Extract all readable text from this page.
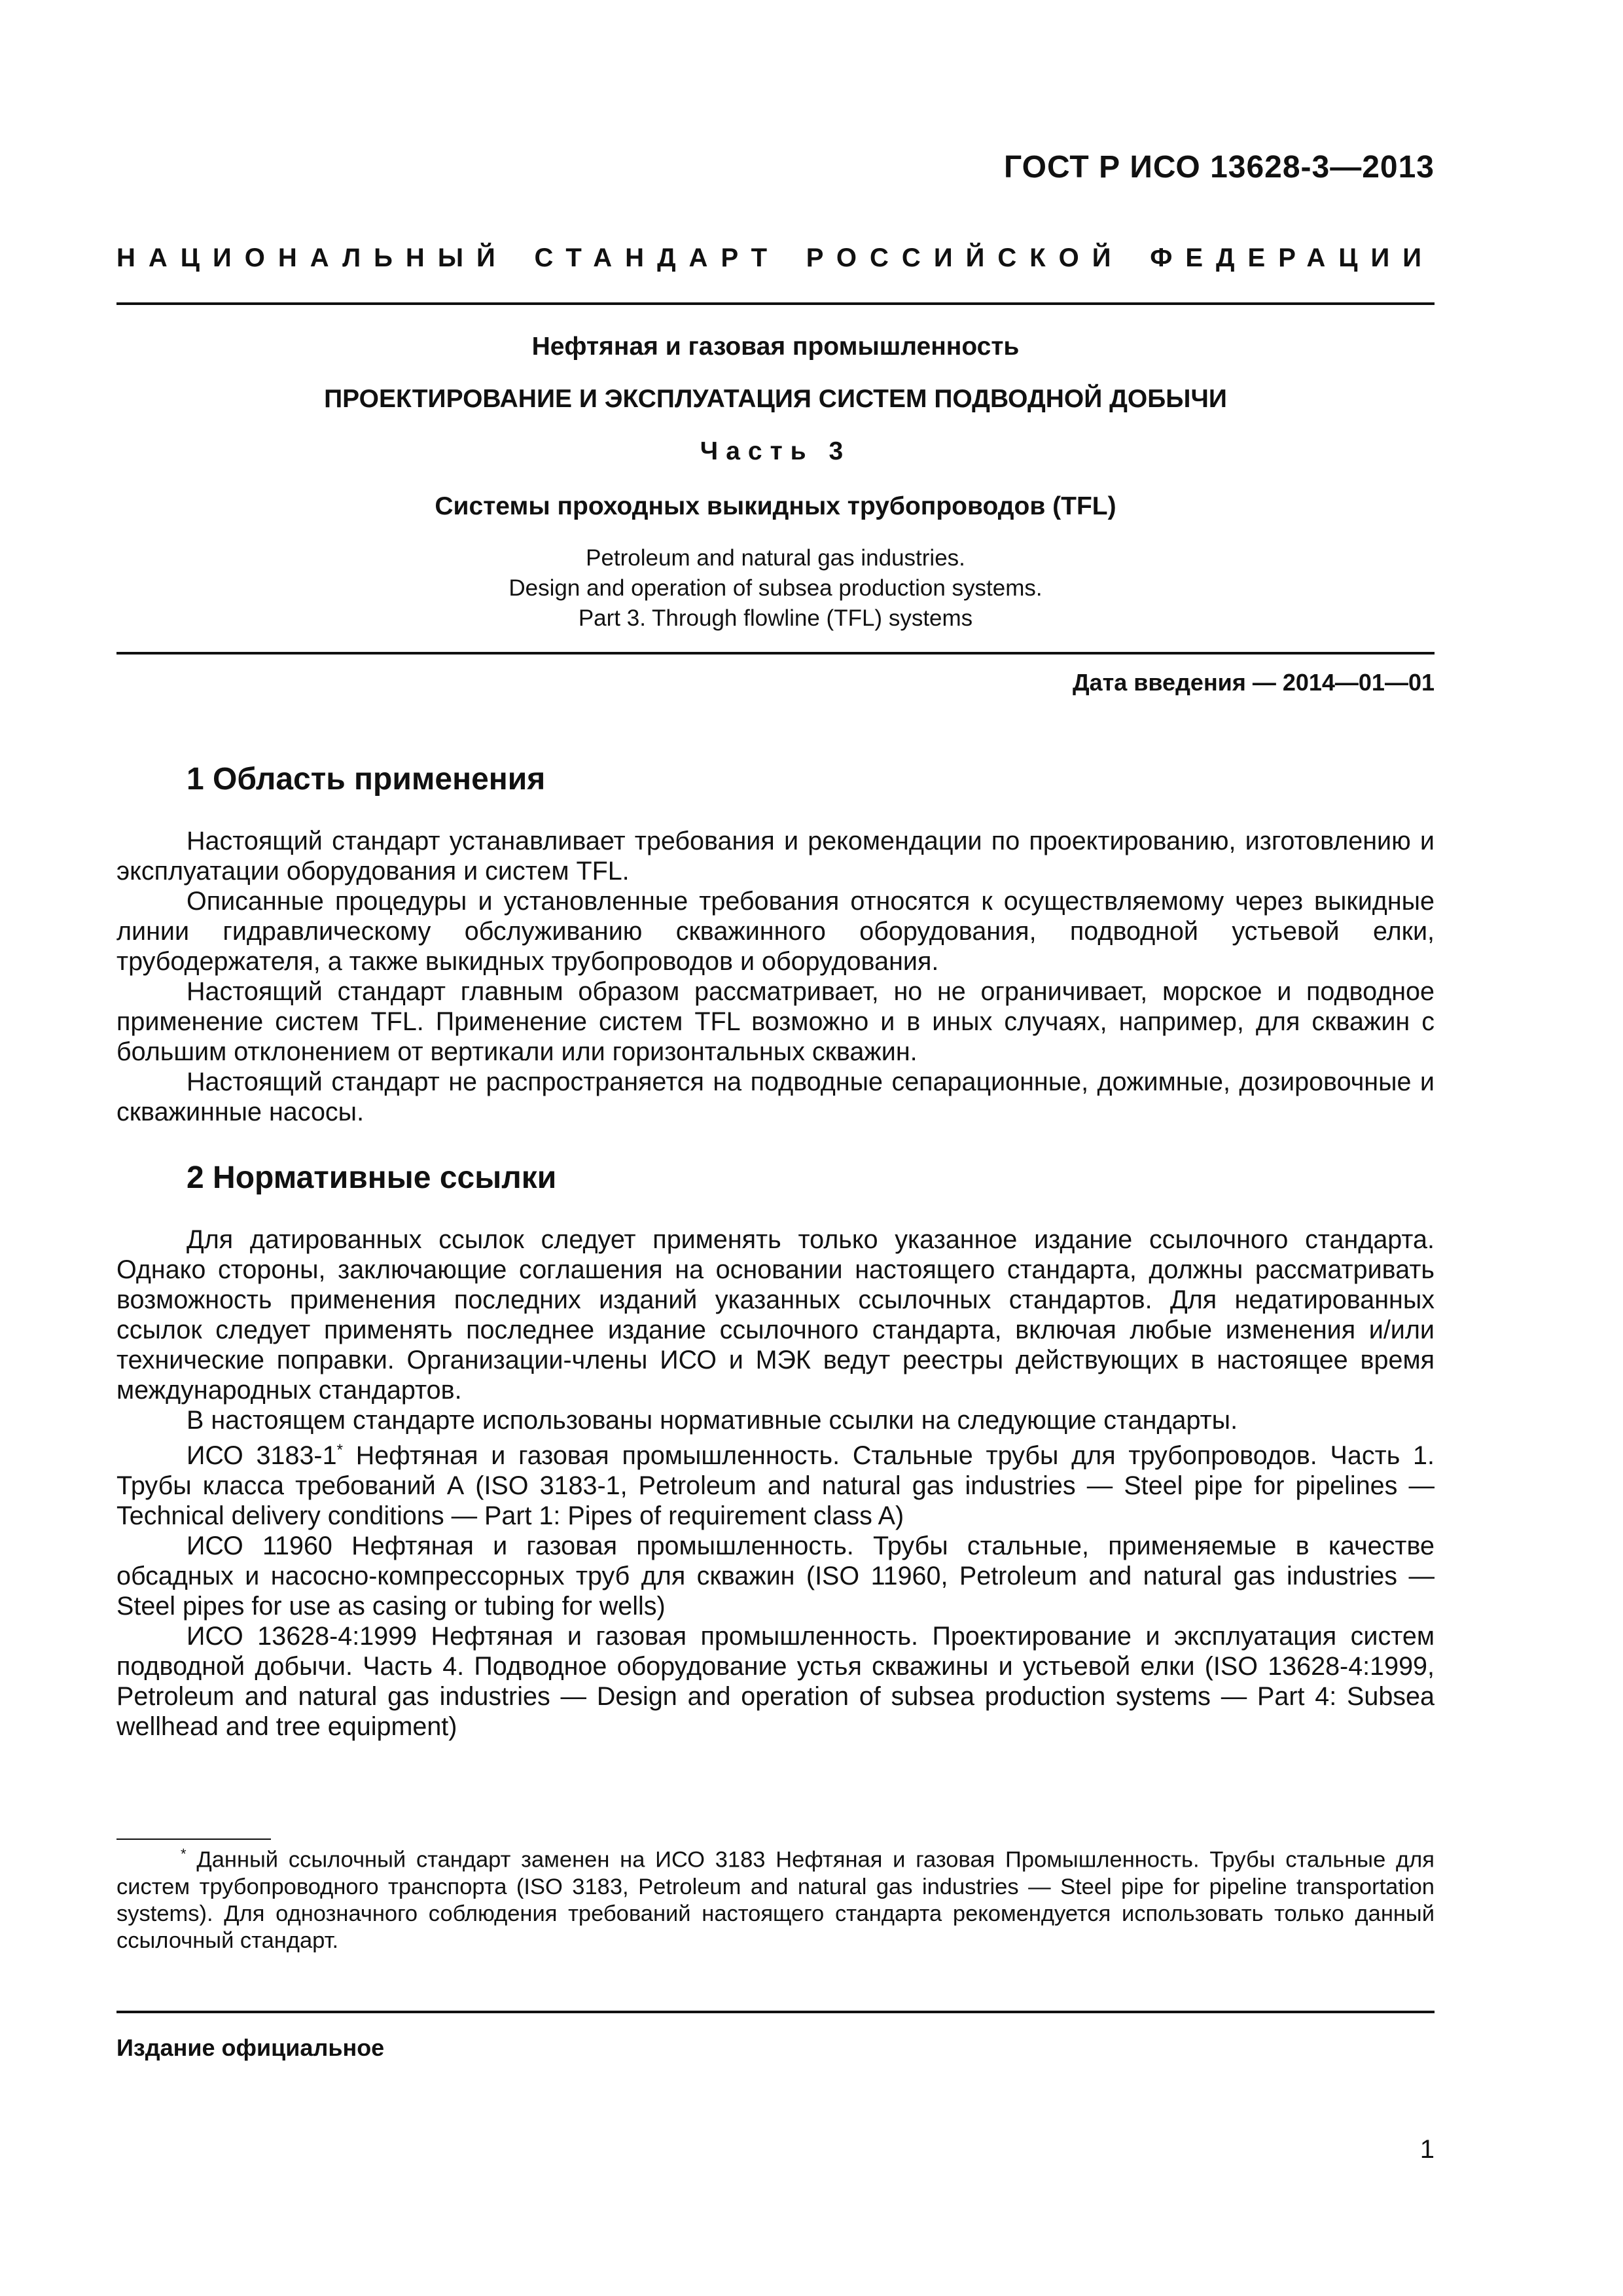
ГОСТ Р ИСО 13628-3—2013
НАЦИОНАЛЬНЫЙ СТАНДАРТ РОССИЙСКОЙ ФЕДЕРАЦИИ
Нефтяная и газовая промышленность
ПРОЕКТИРОВАНИЕ И ЭКСПЛУАТАЦИЯ СИСТЕМ ПОДВОДНОЙ ДОБЫЧИ
Часть 3
Системы проходных выкидных трубопроводов (TFL)
Petroleum and natural gas industries.
Design and operation of subsea production systems.
Part 3. Through flowline (TFL) systems
Дата введения — 2014—01—01
1 Область применения

Настоящий стандарт устанавливает требования и рекомендации по проектированию, изготовлению и эксплуатации оборудования и систем TFL.

Описанные процедуры и установленные требования относятся к осуществляемому через выкидные линии гидравлическому обслуживанию скважинного оборудования, подводной устьевой елки, трубодержателя, а также выкидных трубопроводов и оборудования.

Настоящий стандарт главным образом рассматривает, но не ограничивает, морское и подводное применение систем TFL. Применение систем TFL возможно и в иных случаях, например, для скважин с большим отклонением от вертикали или горизонтальных скважин.

Настоящий стандарт не распространяется на подводные сепарационные, дожимные, дозировочные и скважинные насосы.

2 Нормативные ссылки

Для датированных ссылок следует применять только указанное издание ссылочного стандарта. Однако стороны, заключающие соглашения на основании настоящего стандарта, должны рассматривать возможность применения последних изданий указанных ссылочных стандартов. Для недатированных ссылок следует применять последнее издание ссылочного стандарта, включая любые изменения и/или технические поправки. Организации-члены ИСО и МЭК ведут реестры действующих в настоящее время международных стандартов.

В настоящем стандарте использованы нормативные ссылки на следующие стандарты.

ИСО 3183-1* Нефтяная и газовая промышленность. Стальные трубы для трубопроводов. Часть 1. Трубы класса требований А (ISO 3183-1, Petroleum and natural gas industries — Steel pipe for pipelines — Technical delivery conditions — Part 1: Pipes of requirement class A)

ИСО 11960 Нефтяная и газовая промышленность. Трубы стальные, применяемые в качестве обсадных и насосно-компрессорных труб для скважин (ISO 11960, Petroleum and natural gas industries — Steel pipes for use as casing or tubing for wells)

ИСО 13628-4:1999 Нефтяная и газовая промышленность. Проектирование и эксплуатация систем подводной добычи. Часть 4. Подводное оборудование устья скважины и устьевой елки (ISO 13628-4:1999, Petroleum and natural gas industries — Design and operation of subsea production systems — Part 4: Subsea wellhead and tree equipment)

* Данный ссылочный стандарт заменен на ИСО 3183 Нефтяная и газовая Промышленность. Трубы стальные для систем трубопроводного транспорта (ISO 3183, Petroleum and natural gas industries — Steel pipe for pipeline transportation systems). Для однозначного соблюдения требований настоящего стандарта рекомендуется использовать только данный ссылочный стандарт.

Издание официальное
1
